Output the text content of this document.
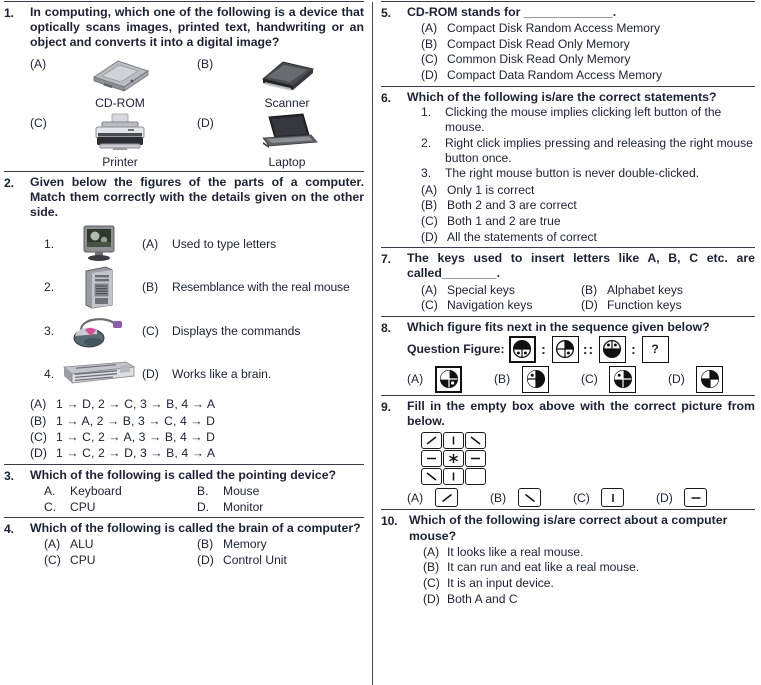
1.	In computing, which one of the following is a device that optically scans images, printed text, handwriting or an object and converts it into a digital image?
(A)
CD-ROM
(B)
Scanner
(C)
Printer
(D)
Laptop
2.	Given below the figures of the parts of a computer. Match them correctly with the details given on the other side.
1.	(A)	Used to type letters
2.	(B)	Resemblance with the real mouse
3.	(C)	Displays the commands
4.	(D)	Works like a brain.
(A) 1 → D, 2 → C, 3 → B, 4 → A
(B) 1 → A, 2 → B, 3 → C, 4 → D
(C) 1 → C, 2 → A, 3 → B, 4 → D
(D) 1 → C, 2 → D, 3 → B, 4 → A
3.	Which of the following is called the pointing device?
A.	Keyboard	B.	Mouse
C.	CPU	D.	Monitor
4.	Which of the following is called the brain of a computer?
(A) ALU	(B) Memory
(C) CPU	(D) Control Unit
5.	CD-ROM stands for _____________.
(A) Compact Disk Random Access Memory
(B) Compact Disk Read Only Memory
(C) Common Disk Read Only Memory
(D) Compact Data Random Access Memory
6.	Which of the following is/are the correct statements?
1.	Clicking the mouse implies clicking left button of the mouse.
2.	Right click implies pressing and releasing the right mouse button once.
3.	The right mouse button is never double-clicked.
(A) Only 1 is correct
(B) Both 2 and 3 are correct
(C) Both 1 and 2 are true
(D) All the statements of correct
7.	The keys used to insert letters like A, B, C etc. are called________.
(A) Special keys	(B) Alphabet keys
(C) Navigation keys	(D) Function keys
8.	Which figure fits next in the sequence given below?
Question Figure:	:	::	:	?
(A)	(B)	(C)	(D)
9.	Fill in the empty box above with the correct picture from below.
(A)	(B)	(C)	(D)
10. Which of the following is/are correct about a computer mouse?
(A) It looks like a real mouse.
(B) It can run and eat like a real mouse.
(C) It is an input device.
(D) Both A and C
